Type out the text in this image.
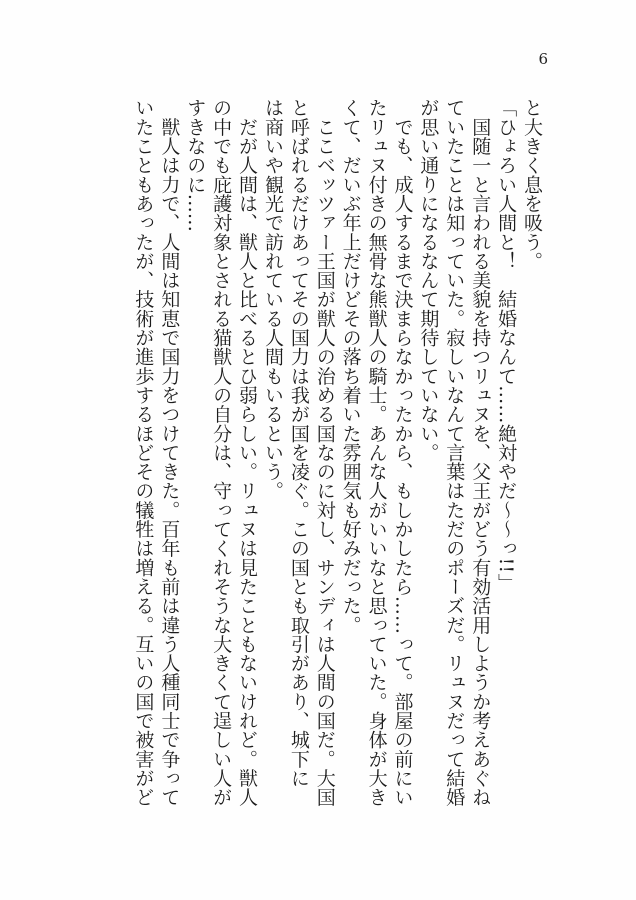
6
と大きく息を吸う。
「ひょろい人間と！　結婚なんて……絶対やだ〜〜っ!!」
　国随一と言われる美貌を持つリュヌを、父王がどう有効活用しようか考えあぐね
ていたことは知っていた。寂しいなんて言葉はただのポーズだ。リュヌだって結婚
が思い通りになるなんて期待していない。
　でも、成人するまで決まらなかったから、もしかしたら……って。部屋の前にい
たリュヌ付きの無骨な熊獣人の騎士。あんな人がいいなと思っていた。身体が大き
くて、だいぶ年上だけどその落ち着いた雰囲気も好みだった。
　ここベッツァー王国が獣人の治める国なのに対し、サンディは人間の国だ。大国
と呼ばれるだけあってその国力は我が国を凌ぐ。この国とも取引があり、城下に
は商いや観光で訪れている人間もいるという。
　だが人間は、獣人と比べるとひ弱らしい。リュヌは見たこともないけれど。獣人
の中でも庇護対象とされる猫獣人の自分は、守ってくれそうな大きくて逞しい人が
すきなのに……
　獣人は力で、人間は知恵で国力をつけてきた。百年も前は違う人種同士で争って
いたこともあったが、技術が進歩するほどその犠牲は増える。互いの国で被害がど
